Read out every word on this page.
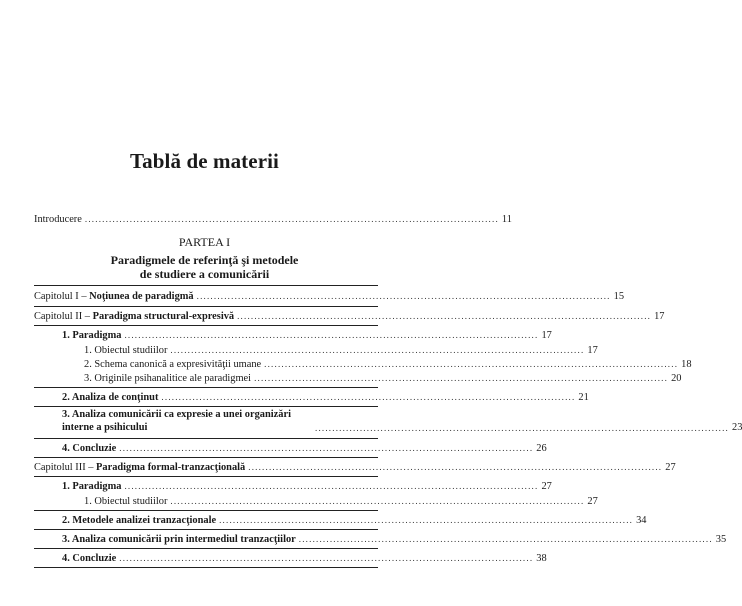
Tablă de materii
Introducere ........................................................................................................................ 11
PARTEA I
Paradigmele de referinţă şi metodele
de studiere a comunicării
Capitolul I – Noţiunea de paradigmă ........................................................................................................................ 15
Capitolul II – Paradigma structural-expresivă ........................................................................................................................ 17
1. Paradigma ........................................................................................................................ 17
1. Obiectul studiilor ........................................................................................................................ 17
2. Schema canonică a expresivităţii umane ........................................................................................................................ 18
3. Originile psihanalitice ale paradigmei ........................................................................................................................ 20
2. Analiza de conţinut ........................................................................................................................ 21
3. Analiza comunicării ca expresie a unei organizări interne a psihicului	........................................................................................................................ 23
4. Concluzie ........................................................................................................................ 26
Capitolul III – Paradigma formal-tranzacţională ........................................................................................................................ 27
1. Paradigma ........................................................................................................................ 27
1. Obiectul studiilor ........................................................................................................................ 27
2. Metodele analizei tranzacţionale ........................................................................................................................ 34
3. Analiza comunicării prin intermediul tranzacţiilor ........................................................................................................................ 35
4. Concluzie ........................................................................................................................ 38
